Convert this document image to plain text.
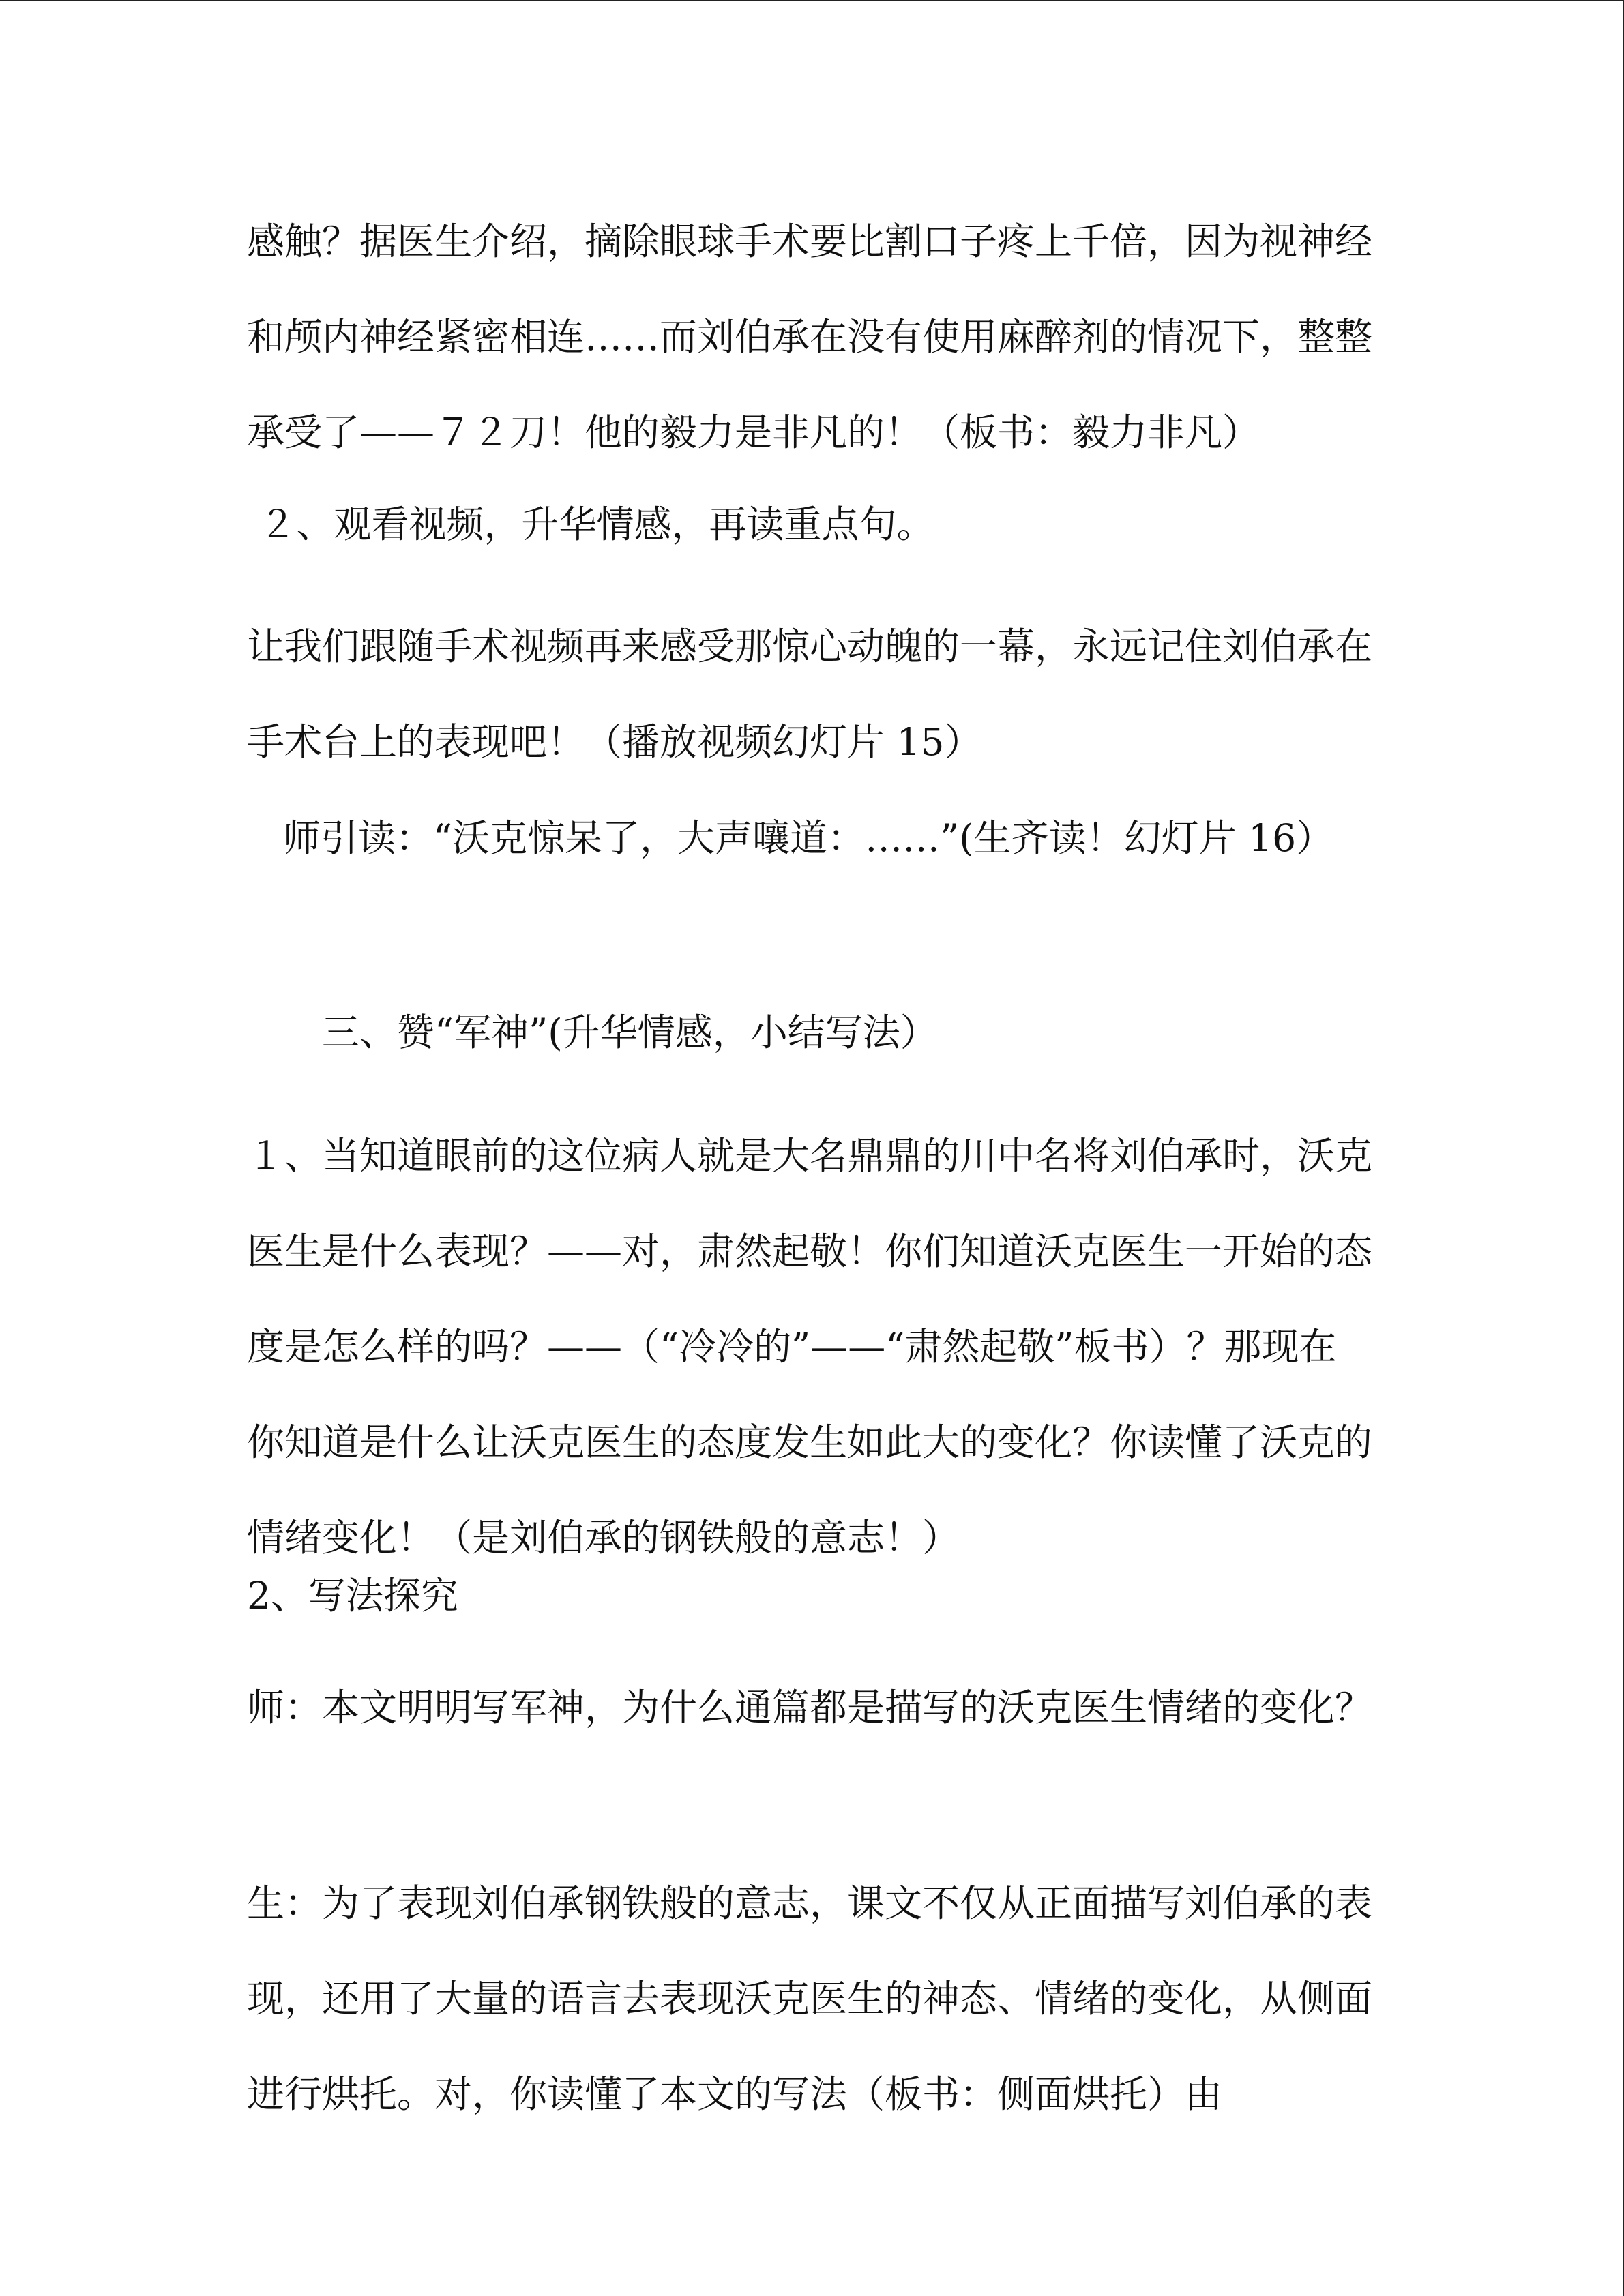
感触？据医生介绍，摘除眼球手术要比割口子疼上千倍，因为视神经和颅内神经紧密相连……而刘伯承在没有使用麻醉剂的情况下，整整承受了——７２刀！他的毅力是非凡的！（板书：毅力非凡）

２、观看视频，升华情感，再读重点句。

让我们跟随手术视频再来感受那惊心动魄的一幕，永远记住刘伯承在手术台上的表现吧！（播放视频幻灯片 15）

师引读：“沃克惊呆了，大声嚷道：……”(生齐读！幻灯片 16）

三、赞“军神”(升华情感，小结写法）

１、当知道眼前的这位病人就是大名鼎鼎的川中名将刘伯承时，沃克医生是什么表现？——对，肃然起敬！你们知道沃克医生一开始的态度是怎么样的吗？——（“冷冷的”——“肃然起敬”板书）？那现在你知道是什么让沃克医生的态度发生如此大的变化？你读懂了沃克的情绪变化！（是刘伯承的钢铁般的意志！）

2、写法探究

师：本文明明写军神，为什么通篇都是描写的沃克医生情绪的变化？

生：为了表现刘伯承钢铁般的意志，课文不仅从正面描写刘伯承的表现，还用了大量的语言去表现沃克医生的神态、情绪的变化，从侧面进行烘托。对，你读懂了本文的写法（板书：侧面烘托）由
